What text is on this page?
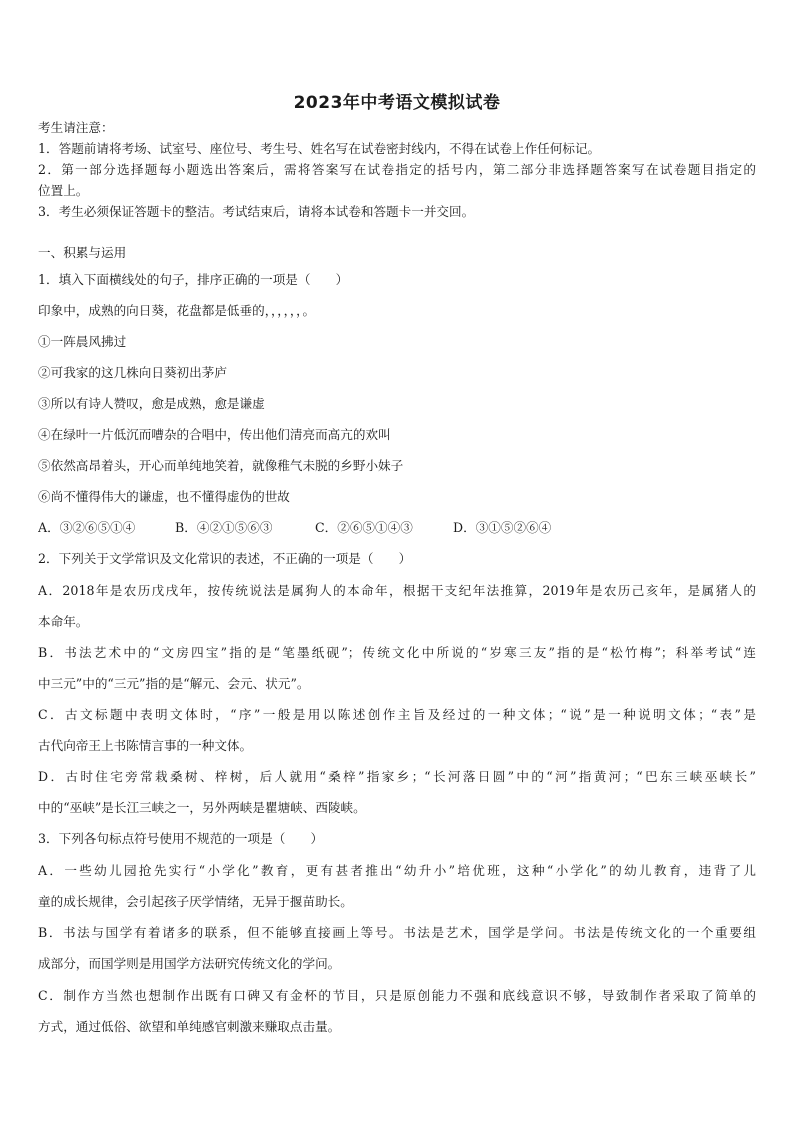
2023年中考语文模拟试卷
考生请注意：
1．答题前请将考场、试室号、座位号、考生号、姓名写在试卷密封线内，不得在试卷上作任何标记。
2．第一部分选择题每小题选出答案后，需将答案写在试卷指定的括号内，第二部分非选择题答案写在试卷题目指定的
位置上。
3．考生必须保证答题卡的整洁。考试结束后，请将本试卷和答题卡一并交回。
一、积累与运用
1．填入下面横线处的句子，排序正确的一项是（　　）
印象中，成熟的向日葵，花盘都是低垂的，，，，，，。
①一阵晨风拂过
②可我家的这几株向日葵初出茅庐
③所以有诗人赞叹，愈是成熟，愈是谦虚
④在绿叶一片低沉而嘈杂的合唱中，传出他们清亮而高亢的欢叫
⑤依然高昂着头，开心而单纯地笑着，就像稚气未脱的乡野小妹子
⑥尚不懂得伟大的谦虚，也不懂得虚伪的世故
A．③②⑥⑤①④	B．④②①⑤⑥③	C．②⑥⑤①④③	D．③①⑤②⑥④
2．下列关于文学常识及文化常识的表述，不正确的一项是（　　）
A．2018年是农历戊戌年，按传统说法是属狗人的本命年，根据干支纪年法推算，2019年是农历己亥年，是属猪人的
本命年。
B．书法艺术中的“文房四宝”指的是“笔墨纸砚”；传统文化中所说的“岁寒三友”指的是“松竹梅”；科举考试“连
中三元”中的“三元”指的是“解元、会元、状元”。
C．古文标题中表明文体时，“序”一般是用以陈述创作主旨及经过的一种文体；“说”是一种说明文体；“表”是
古代向帝王上书陈情言事的一种文体。
D．古时住宅旁常栽桑树、梓树，后人就用“桑梓”指家乡；“长河落日圆”中的“河”指黄河；“巴东三峡巫峡长”
中的“巫峡”是长江三峡之一，另外两峡是瞿塘峡、西陵峡。
3．下列各句标点符号使用不规范的一项是（　　）
A．一些幼儿园抢先实行“小学化”教育，更有甚者推出“幼升小”培优班，这种“小学化”的幼儿教育，违背了儿
童的成长规律，会引起孩子厌学情绪，无异于揠苗助长。
B．书法与国学有着诸多的联系，但不能够直接画上等号。书法是艺术，国学是学问。书法是传统文化的一个重要组
成部分，而国学则是用国学方法研究传统文化的学问。
C．制作方当然也想制作出既有口碑又有金杯的节目，只是原创能力不强和底线意识不够，导致制作者采取了简单的
方式，通过低俗、欲望和单纯感官刺激来赚取点击量。
